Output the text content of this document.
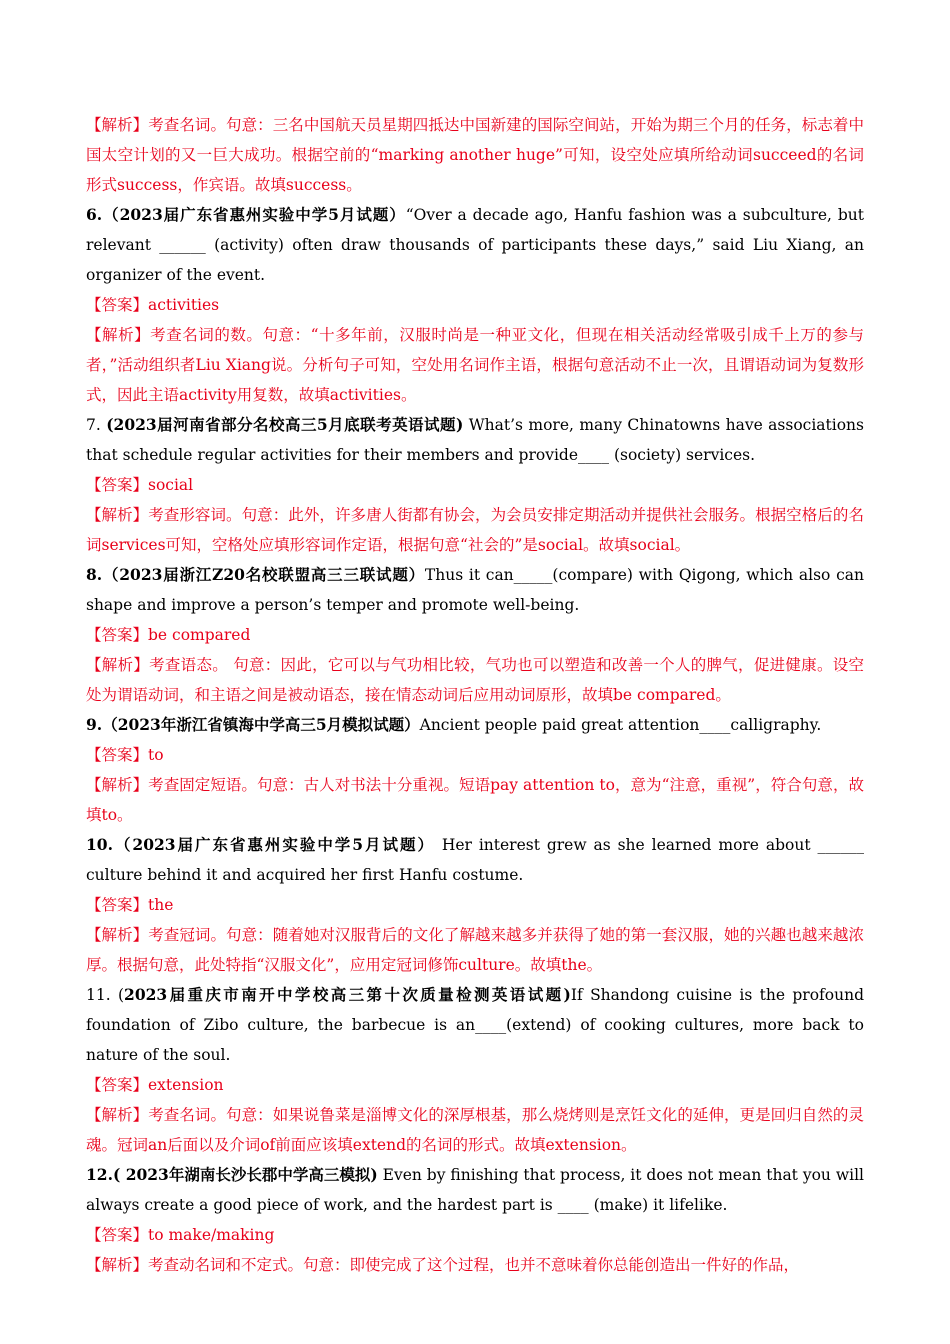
【解析】考查名词。句意：三名中国航天员星期四抵达中国新建的国际空间站，开始为期三个月的任务，标志着中国太空计划的又一巨大成功。根据空前的“marking another huge”可知，设空处应填所给动词succeed的名词形式success，作宾语。故填success。

6.（2023届广东省惠州实验中学5月试题）“Over a decade ago, Hanfu fashion was a subculture, but relevant ______ (activity) often draw thousands of participants these days,” said Liu Xiang, an organizer of the event.

【答案】activities

【解析】考查名词的数。句意：“十多年前，汉服时尚是一种亚文化，但现在相关活动经常吸引成千上万的参与者，”活动组织者Liu Xiang说。分析句子可知，空处用名词作主语，根据句意活动不止一次，且谓语动词为复数形式，因此主语activity用复数，故填activities。

7. (2023届河南省部分名校高三5月底联考英语试题) What’s more, many Chinatowns have associations that schedule regular activities for their members and provide____ (society) services.

【答案】social

【解析】考查形容词。句意：此外，许多唐人街都有协会，为会员安排定期活动并提供社会服务。根据空格后的名词services可知，空格处应填形容词作定语，根据句意“社会的”是social。故填social。

8.（2023届浙江Z20名校联盟高三三联试题）Thus it can_____(compare) with Qigong, which also can shape and improve a person’s temper and promote well-being.

【答案】be compared

【解析】考查语态。 句意：因此，它可以与气功相比较，气功也可以塑造和改善一个人的脾气，促进健康。设空处为谓语动词，和主语之间是被动语态，接在情态动词后应用动词原形，故填be compared。

9.（2023年浙江省镇海中学高三5月模拟试题）Ancient people paid great attention____calligraphy.

【答案】to

【解析】考查固定短语。句意：古人对书法十分重视。短语pay attention to，意为“注意，重视”，符合句意，故填to。

10.（2023届广东省惠州实验中学5月试题） Her interest grew as she learned more about ______ culture behind it and acquired her first Hanfu costume.

【答案】the

【解析】考查冠词。句意：随着她对汉服背后的文化了解越来越多并获得了她的第一套汉服，她的兴趣也越来越浓厚。根据句意，此处特指“汉服文化”，应用定冠词修饰culture。故填the。

11. (2023届重庆市南开中学校高三第十次质量检测英语试题)If Shandong cuisine is the profound foundation of Zibo culture, the barbecue is an____(extend) of cooking cultures, more back to nature of the soul.

【答案】extension

【解析】考查名词。句意：如果说鲁菜是淄博文化的深厚根基，那么烧烤则是烹饪文化的延伸，更是回归自然的灵魂。冠词an后面以及介词of前面应该填extend的名词的形式。故填extension。

12.( 2023年湖南长沙长郡中学高三模拟) Even by finishing that process, it does not mean that you will always create a good piece of work, and the hardest part is ____ (make) it lifelike.

【答案】to make/making

【解析】考查动名词和不定式。句意：即使完成了这个过程，也并不意味着你总能创造出一件好的作品，
